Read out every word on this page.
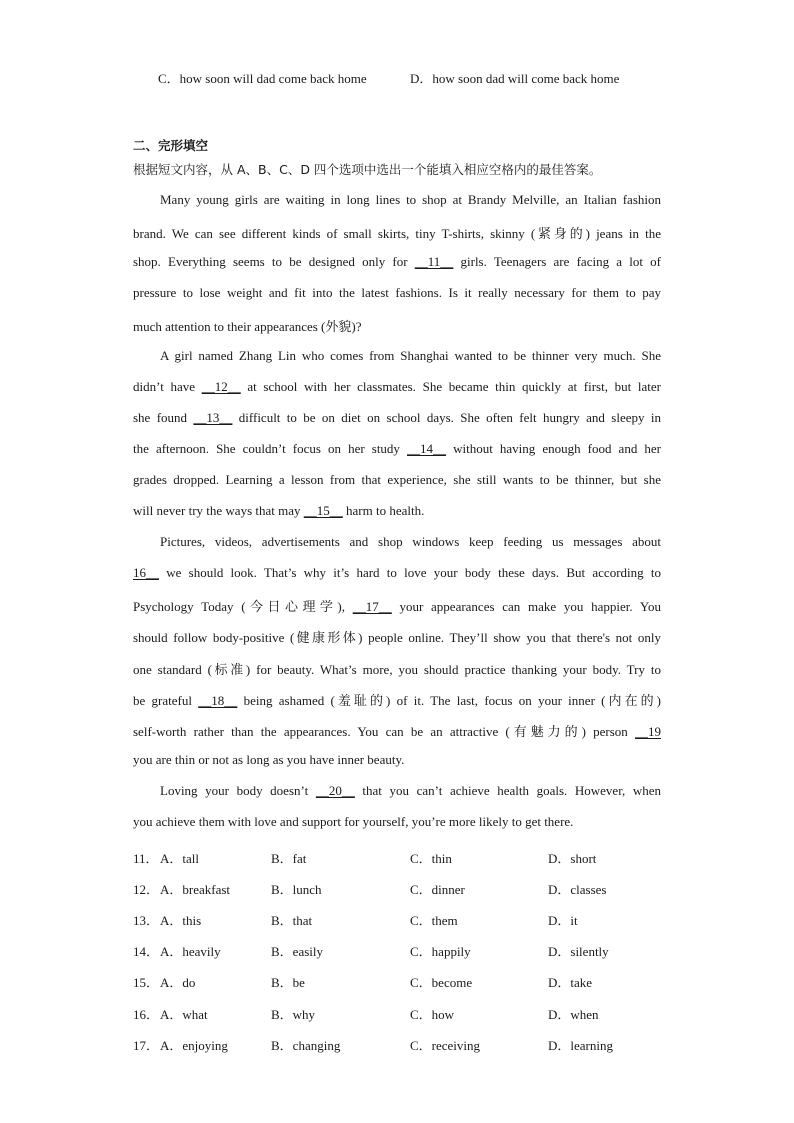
C．how soon will dad come back home	D．how soon dad will come back home
二、完形填空
根据短文内容，从 A、B、C、D 四个选项中选出一个能填入相应空格内的最佳答案。
Many young girls are waiting in long lines to shop at Brandy Melville, an Italian fashion
brand. We can see different kinds of small skirts, tiny T-shirts, skinny (紧身的) jeans in the
shop. Everything seems to be designed only for __11__ girls. Teenagers are facing a lot of
pressure to lose weight and fit into the latest fashions. Is it really necessary for them to pay
much attention to their appearances (外貌)?
A girl named Zhang Lin who comes from Shanghai wanted to be thinner very much. She
didn’t have __12__ at school with her classmates. She became thin quickly at first, but later
she found __13__ difficult to be on diet on school days. She often felt hungry and sleepy in
the afternoon. She couldn’t focus on her study __14__ without having enough food and her
grades dropped. Learning a lesson from that experience, she still wants to be thinner, but she
will never try the ways that may __15__ harm to health.
Pictures, videos, advertisements and shop windows keep feeding us messages about
16__ we should look. That’s why it’s hard to love your body these days. But according to
Psychology Today (今日心理学), __17__ your appearances can make you happier. You
should follow body-positive (健康形体) people online. They’ll show you that there's not only
one standard (标准) for beauty. What’s more, you should practice thanking your body. Try to
be grateful __18__ being ashamed (羞耻的) of it. The last, focus on your inner (内在的)
self-worth rather than the appearances. You can be an attractive (有魅力的) person __19
you are thin or not as long as you have inner beauty.
Loving your body doesn’t __20__ that you can’t achieve health goals. However, when
you achieve them with love and support for yourself, you’re more likely to get there.
11． A．tall	B．fat	C．thin	D．short
12． A．breakfast	B．lunch	C．dinner	D．classes
13． A．this	B．that	C．them	D．it
14． A．heavily	B．easily	C．happily	D．silently
15． A．do	B．be	C．become	D．take
16． A．what	B．why	C．how	D．when
17． A．enjoying	B．changing	C．receiving	D．learning
